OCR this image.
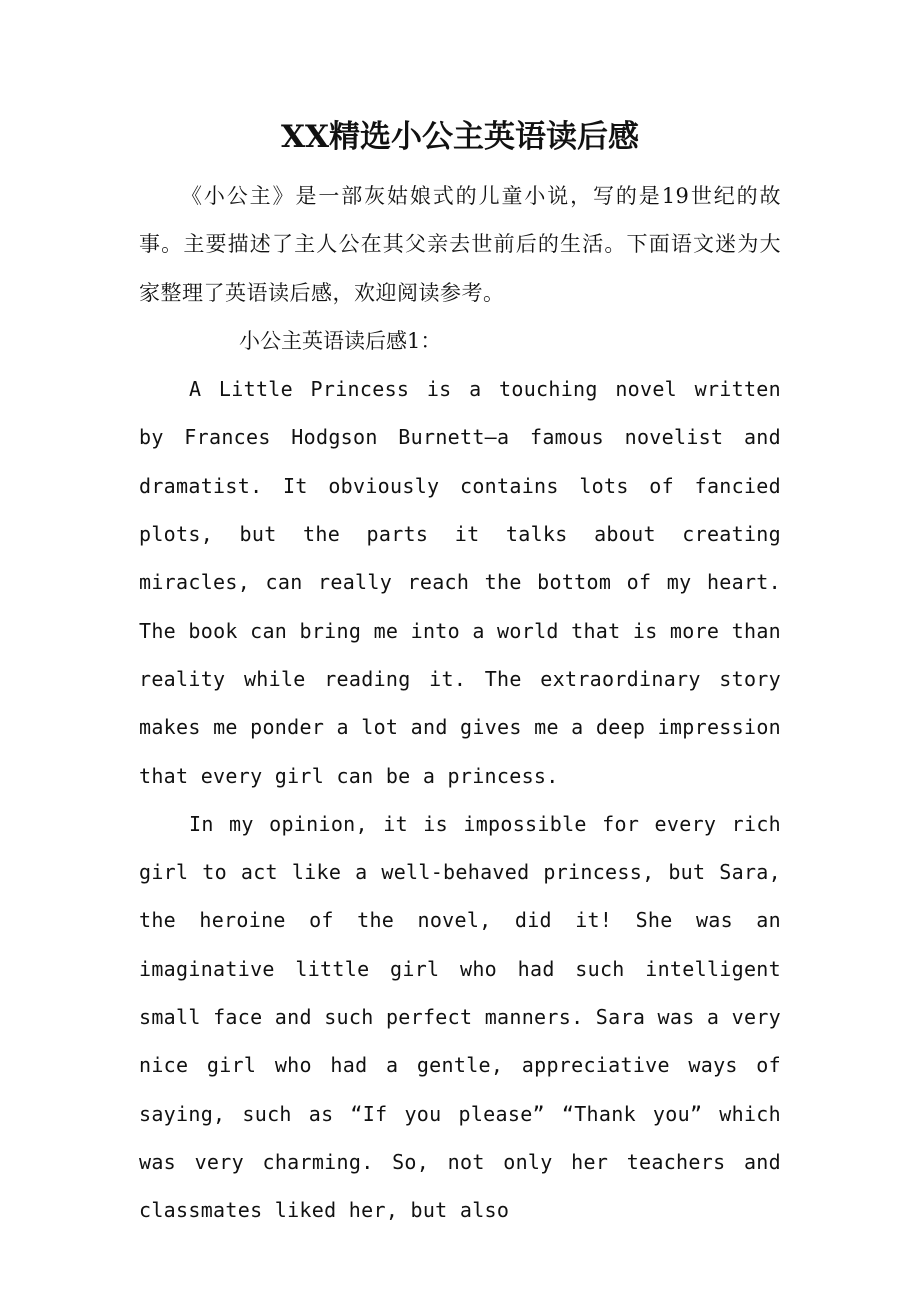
XX精选小公主英语读后感

《小公主》是一部灰姑娘式的儿童小说，写的是19世纪的故事。主要描述了主人公在其父亲去世前后的生活。下面语文迷为大家整理了英语读后感，欢迎阅读参考。

小公主英语读后感1：

A Little Princess is a touching novel written by Frances Hodgson Burnett—a famous novelist and dramatist. It obviously contains lots of fancied plots, but the parts it talks about creating miracles, can really reach the bottom of my heart. The book can bring me into a world that is more than reality while reading it. The extraordinary story makes me ponder a lot and gives me a deep impression that every girl can be a princess.

In my opinion, it is impossible for every rich girl to act like a well-behaved princess, but Sara, the heroine of the novel, did it! She was an imaginative little girl who had such intelligent small face and such perfect manners. Sara was a very nice girl who had a gentle, appreciative ways of saying, such as “If you please” “Thank you” which was very charming. So, not only her teachers and classmates liked her, but also
